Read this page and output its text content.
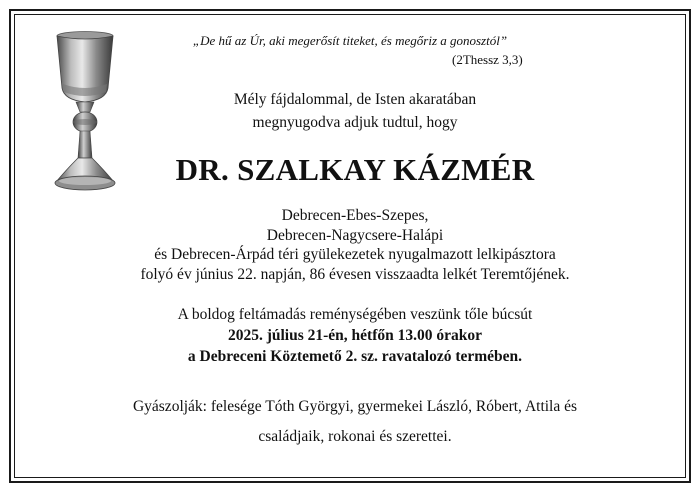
„De hű az Úr, aki megerősít titeket, és megőriz a gonosztól”
(2Thessz 3,3)
Mély fájdalommal, de Isten akaratában
megnyugodva adjuk tudtul, hogy
DR. SZALKAY KÁZMÉR
Debrecen-Ebes-Szepes,
Debrecen-Nagycsere-Halápi
és Debrecen-Árpád téri gyülekezetek nyugalmazott lelkipásztora
folyó év június 22. napján, 86 évesen visszaadta lelkét Teremtőjének.
A boldog feltámadás reménységében veszünk tőle búcsút
2025. július 21-én, hétfőn 13.00 órakor
a Debreceni Köztemető 2. sz. ravatalozó termében.
Gyászolják: felesége Tóth Györgyi, gyermekei László, Róbert, Attila és
családjaik, rokonai és szerettei.
